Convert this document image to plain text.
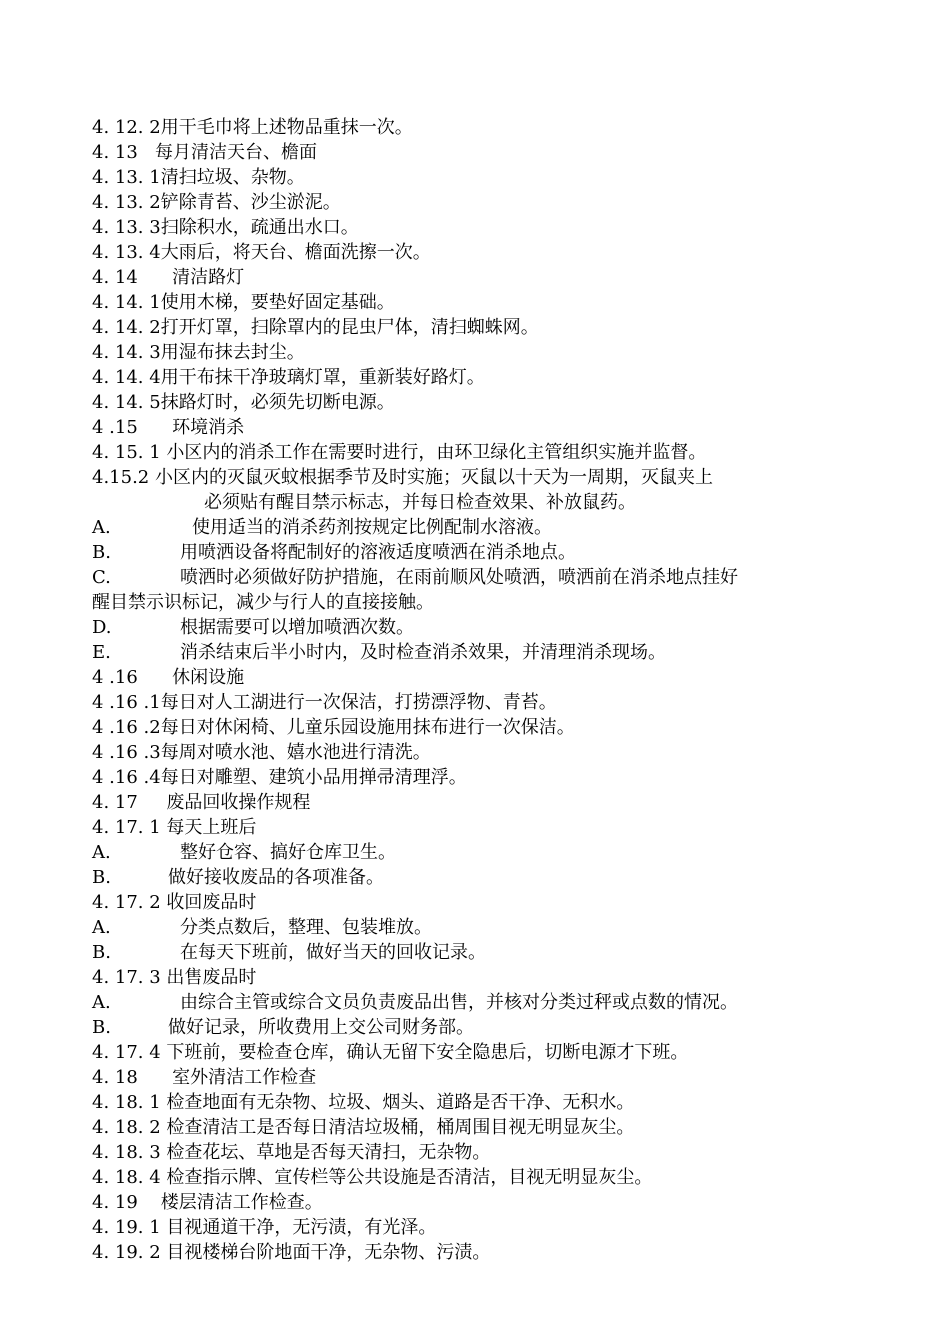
4. 12. 2 用干毛巾将上述物品重抹一次。
4. 13 每月清洁天台、檐面
4. 13. 1 清扫垃圾、杂物。
4. 13. 2 铲除青苔、沙尘淤泥。
4. 13. 3 扫除积水，疏通出水口。
4. 13. 4 大雨后，将天台、檐面洗擦一次。
4. 14 清洁路灯
4. 14. 1 使用木梯，要垫好固定基础。
4. 14. 2 打开灯罩，扫除罩内的昆虫尸体，清扫蜘蛛网。
4. 14. 3 用湿布抹去封尘。
4. 14. 4 用干布抹干净玻璃灯罩，重新装好路灯。
4. 14. 5 抹路灯时，必须先切断电源。
4 .15 环境消杀
4. 15. 1 小区内的消杀工作在需要时进行，由环卫绿化主管组织实施并监督。
4.15.2 小区内的灭鼠灭蚊根据季节及时实施；灭鼠以十天为一周期，灭鼠夹上
必须贴有醒目禁示标志，并每日检查效果、补放鼠药。
A.	使用适当的消杀药剂按规定比例配制水溶液。
B.	用喷洒设备将配制好的溶液适度喷洒在消杀地点。
C.	喷洒时必须做好防护措施，在雨前顺风处喷洒，喷洒前在消杀地点挂好
醒目禁示识标记，减少与行人的直接接触。
D.	根据需要可以增加喷洒次数。
E.	消杀结束后半小时内，及时检查消杀效果，并清理消杀现场。
4 .16 休闲设施
4 .16 .1 每日对人工湖进行一次保洁，打捞漂浮物、青苔。
4 .16 .2 每日对休闲椅、儿童乐园设施用抹布进行一次保洁。
4 .16 .3 每周对喷水池、嬉水池进行清洗。
4 .16 .4 每日对雕塑、建筑小品用掸帚清理浮。
4. 17 废品回收操作规程
4. 17. 1 每天上班后
A.	整好仓容、搞好仓库卫生。
B.	做好接收废品的各项准备。
4. 17. 2 收回废品时
A.	分类点数后，整理、包装堆放。
B.	在每天下班前，做好当天的回收记录。
4. 17. 3 出售废品时
A.	由综合主管或综合文员负责废品出售，并核对分类过秤或点数的情况。
B.	做好记录，所收费用上交公司财务部。
4. 17. 4 下班前，要检查仓库，确认无留下安全隐患后，切断电源才下班。
4. 18 室外清洁工作检查
4. 18. 1 检查地面有无杂物、垃圾、烟头、道路是否干净、无积水。
4. 18. 2 检查清洁工是否每日清洁垃圾桶，桶周围目视无明显灰尘。
4. 18. 3 检查花坛、草地是否每天清扫，无杂物。
4. 18. 4 检查指示牌、宣传栏等公共设施是否清洁，目视无明显灰尘。
4. 19 楼层清洁工作检查。
4. 19. 1 目视通道干净，无污渍，有光泽。
4. 19. 2 目视楼梯台阶地面干净，无杂物、污渍。
